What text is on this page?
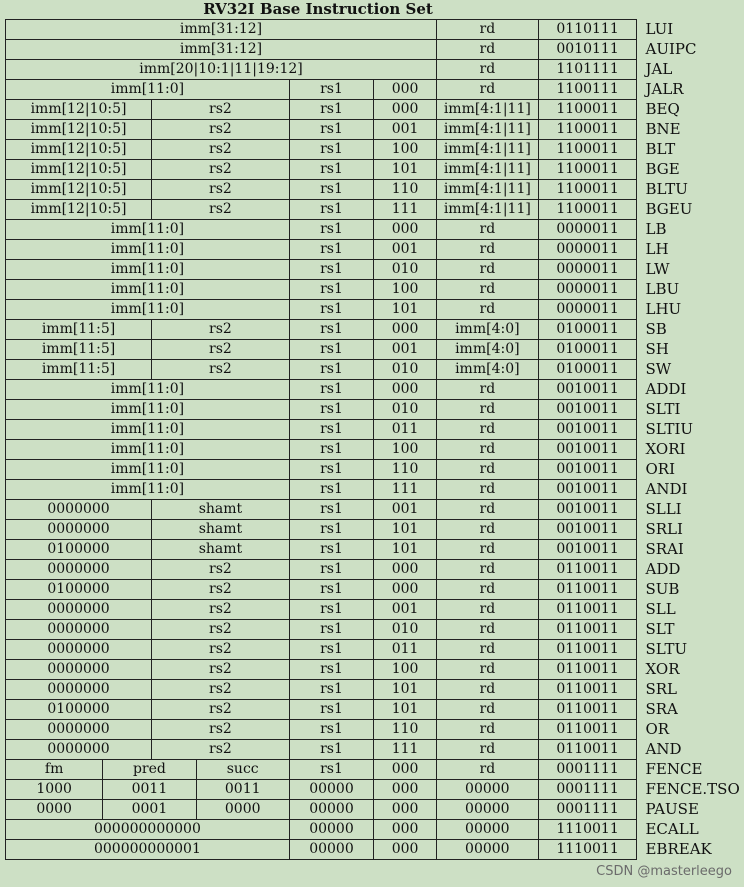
RV32I Base Instruction Set
imm[31:12]						rd	0110111	LUI
imm[31:12]						rd	0010111	AUIPC
imm[20|10:1|11|19:12]						rd	1101111	JAL
imm[11:0]				rs1	000	rd	1100111	JALR
imm[12|10:5]		rs2		rs1	000	imm[4:1|11]	1100011	BEQ
imm[12|10:5]		rs2		rs1	001	imm[4:1|11]	1100011	BNE
imm[12|10:5]		rs2		rs1	100	imm[4:1|11]	1100011	BLT
imm[12|10:5]		rs2		rs1	101	imm[4:1|11]	1100011	BGE
imm[12|10:5]		rs2		rs1	110	imm[4:1|11]	1100011	BLTU
imm[12|10:5]		rs2		rs1	111	imm[4:1|11]	1100011	BGEU
imm[11:0]				rs1	000	rd	0000011	LB
imm[11:0]				rs1	001	rd	0000011	LH
imm[11:0]				rs1	010	rd	0000011	LW
imm[11:0]				rs1	100	rd	0000011	LBU
imm[11:0]				rs1	101	rd	0000011	LHU
imm[11:5]		rs2		rs1	000	imm[4:0]	0100011	SB
imm[11:5]		rs2		rs1	001	imm[4:0]	0100011	SH
imm[11:5]		rs2		rs1	010	imm[4:0]	0100011	SW
imm[11:0]				rs1	000	rd	0010011	ADDI
imm[11:0]				rs1	010	rd	0010011	SLTI
imm[11:0]				rs1	011	rd	0010011	SLTIU
imm[11:0]				rs1	100	rd	0010011	XORI
imm[11:0]				rs1	110	rd	0010011	ORI
imm[11:0]				rs1	111	rd	0010011	ANDI
0000000		shamt		rs1	001	rd	0010011	SLLI
0000000		shamt		rs1	101	rd	0010011	SRLI
0100000		shamt		rs1	101	rd	0010011	SRAI
0000000		rs2		rs1	000	rd	0110011	ADD
0100000		rs2		rs1	000	rd	0110011	SUB
0000000		rs2		rs1	001	rd	0110011	SLL
0000000		rs2		rs1	010	rd	0110011	SLT
0000000		rs2		rs1	011	rd	0110011	SLTU
0000000		rs2		rs1	100	rd	0110011	XOR
0000000		rs2		rs1	101	rd	0110011	SRL
0100000		rs2		rs1	101	rd	0110011	SRA
0000000		rs2		rs1	110	rd	0110011	OR
0000000		rs2		rs1	111	rd	0110011	AND
fm	pred		succ	rs1	000	rd	0001111	FENCE
1000	0011		0011	00000	000	00000	0001111	FENCE.TSO
0000	0001		0000	00000	000	00000	0001111	PAUSE
000000000000				00000	000	00000	1110011	ECALL
000000000001				00000	000	00000	1110011	EBREAK
CSDN @masterleego
